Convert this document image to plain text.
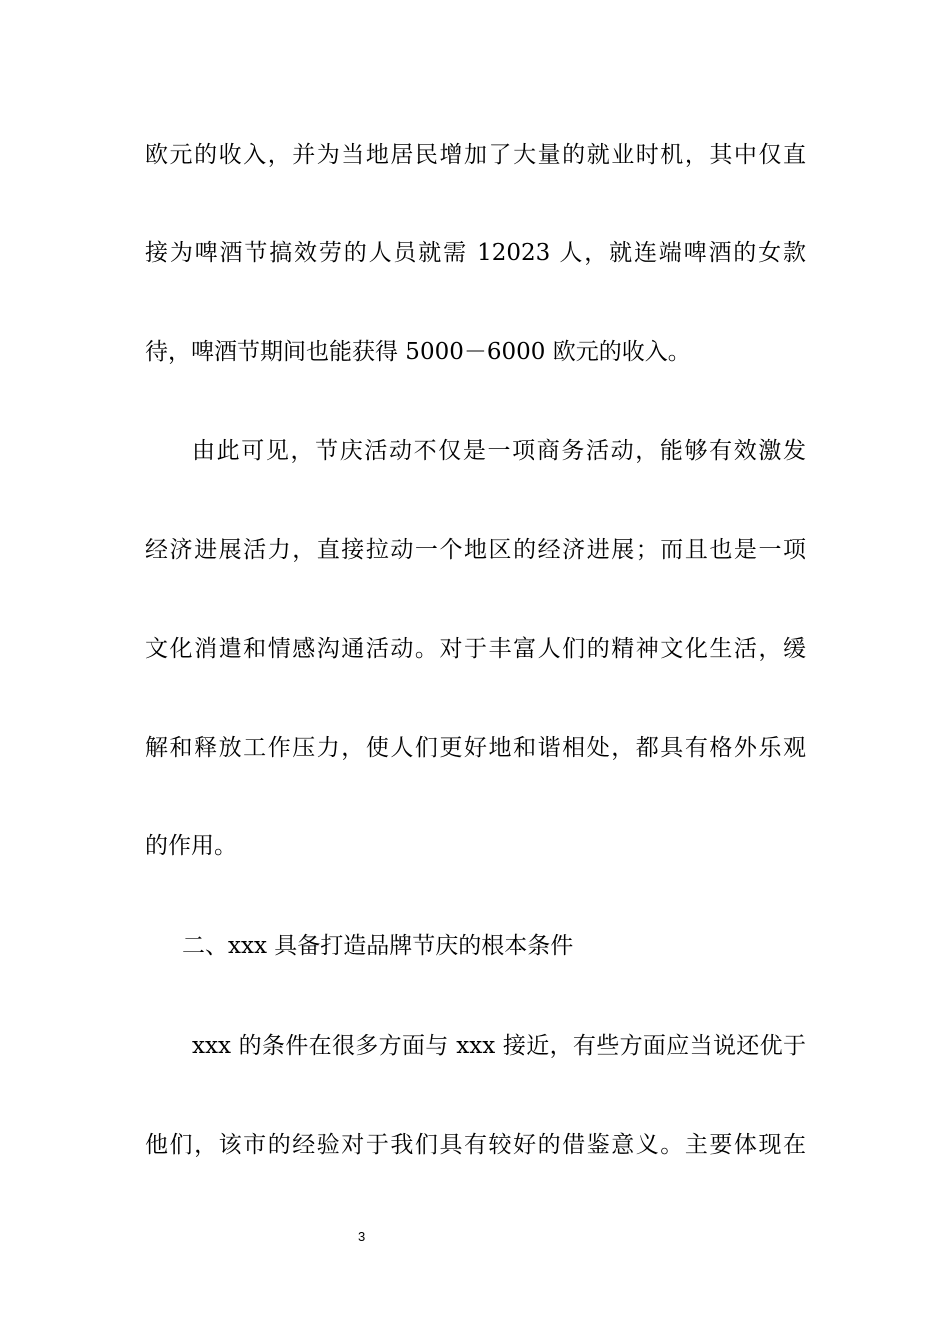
欧元的收入，并为当地居民增加了大量的就业时机，其中仅直
接为啤酒节搞效劳的人员就需 12023 人，就连端啤酒的女款
待，啤酒节期间也能获得 5000－6000 欧元的收入。
由此可见，节庆活动不仅是一项商务活动，能够有效激发
经济进展活力，直接拉动一个地区的经济进展；而且也是一项
文化消遣和情感沟通活动。对于丰富人们的精神文化生活，缓
解和释放工作压力，使人们更好地和谐相处，都具有格外乐观
的作用。
二、xxx 具备打造品牌节庆的根本条件
xxx 的条件在很多方面与 xxx 接近，有些方面应当说还优于
他们，该市的经验对于我们具有较好的借鉴意义。主要体现在
3
